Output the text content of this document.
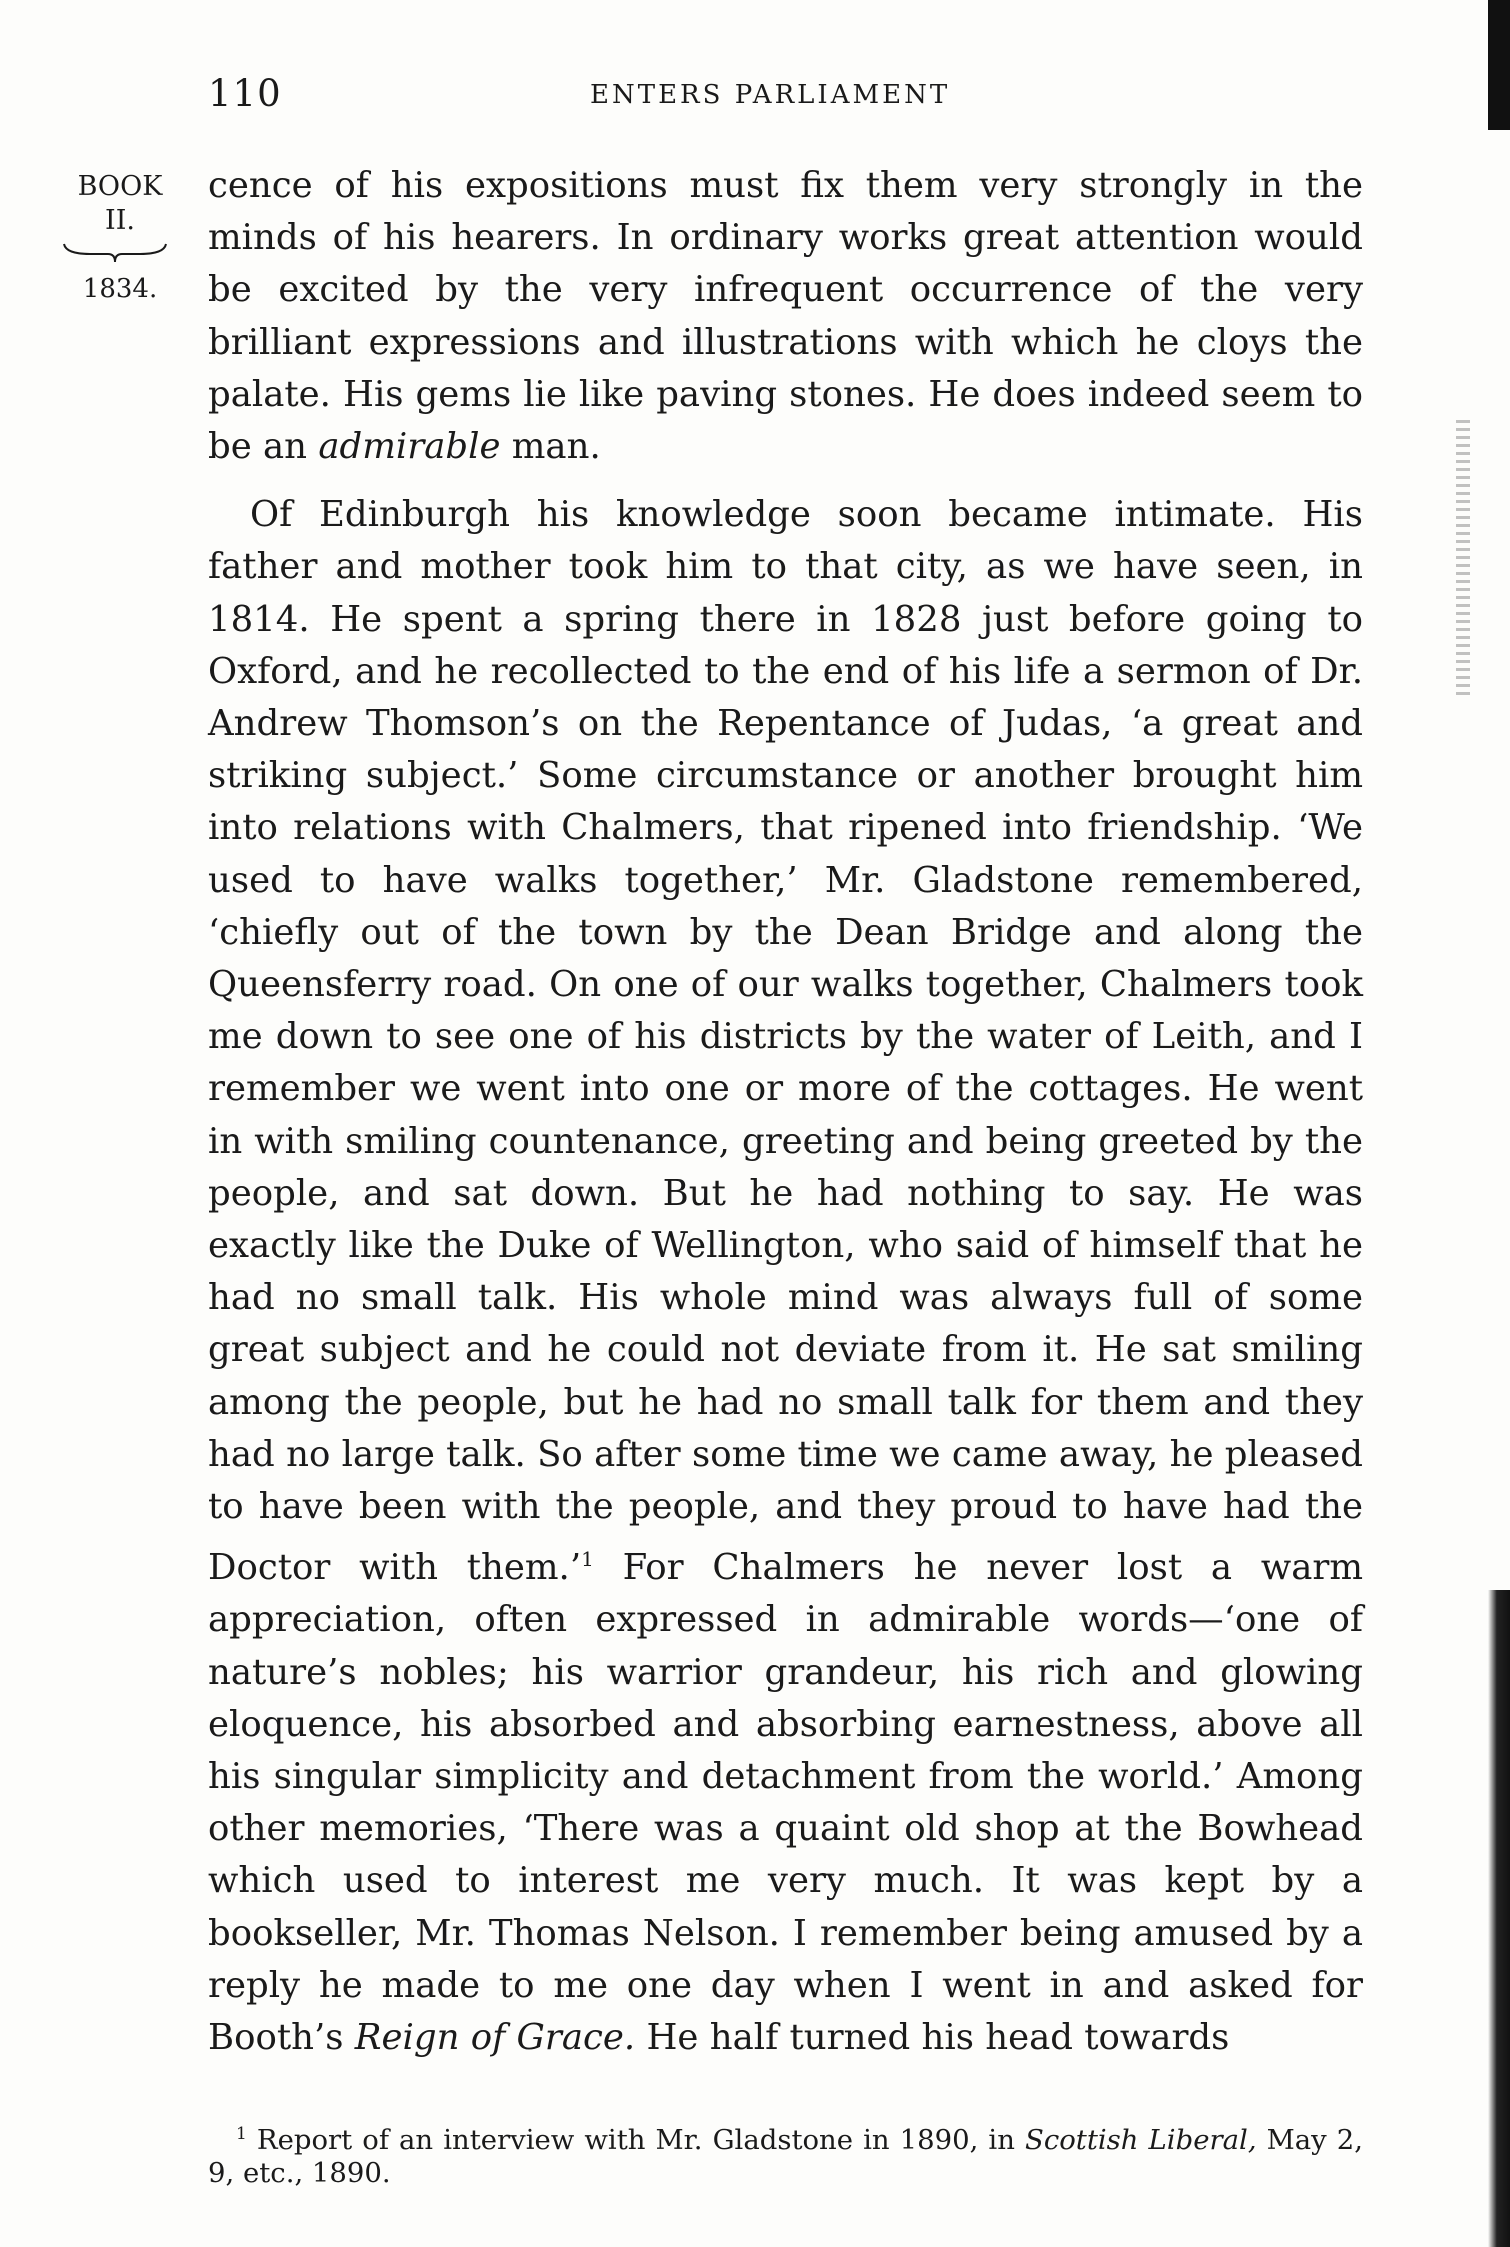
110	ENTERS PARLIAMENT
BOOK
II.
1834.

cence of his expositions must fix them very strongly in the minds of his hearers. In ordinary works great attention would be excited by the very infrequent occurrence of the very brilliant expressions and illustrations with which he cloys the palate. His gems lie like paving stones. He does indeed seem to be an admirable man.

Of Edinburgh his knowledge soon became intimate. His father and mother took him to that city, as we have seen, in 1814. He spent a spring there in 1828 just before going to Oxford, and he recollected to the end of his life a sermon of Dr. Andrew Thomson’s on the Repentance of Judas, ‘a great and striking subject.’ Some circumstance or another brought him into relations with Chalmers, that ripened into friendship. ‘We used to have walks together,’ Mr. Gladstone remembered, ‘chiefly out of the town by the Dean Bridge and along the Queensferry road. On one of our walks together, Chalmers took me down to see one of his districts by the water of Leith, and I remember we went into one or more of the cottages. He went in with smiling countenance, greeting and being greeted by the people, and sat down. But he had nothing to say. He was exactly like the Duke of Wellington, who said of himself that he had no small talk. His whole mind was always full of some great subject and he could not deviate from it. He sat smiling among the people, but he had no small talk for them and they had no large talk. So after some time we came away, he pleased to have been with the people, and they proud to have had the Doctor with them.’$^1$ For Chalmers he never lost a warm appreciation, often expressed in admirable words—‘one of nature’s nobles; his warrior grandeur, his rich and glowing eloquence, his absorbed and absorbing earnestness, above all his singular simplicity and detachment from the world.’ Among other memories, ‘There was a quaint old shop at the Bowhead which used to interest me very much. It was kept by a bookseller, Mr. Thomas Nelson. I remember being amused by a reply he made to me one day when I went in and asked for Booth’s Reign of Grace. He half turned his head towards

$^1$ Report of an interview with Mr. Gladstone in 1890, in Scottish Liberal, May 2, 9, etc., 1890.
